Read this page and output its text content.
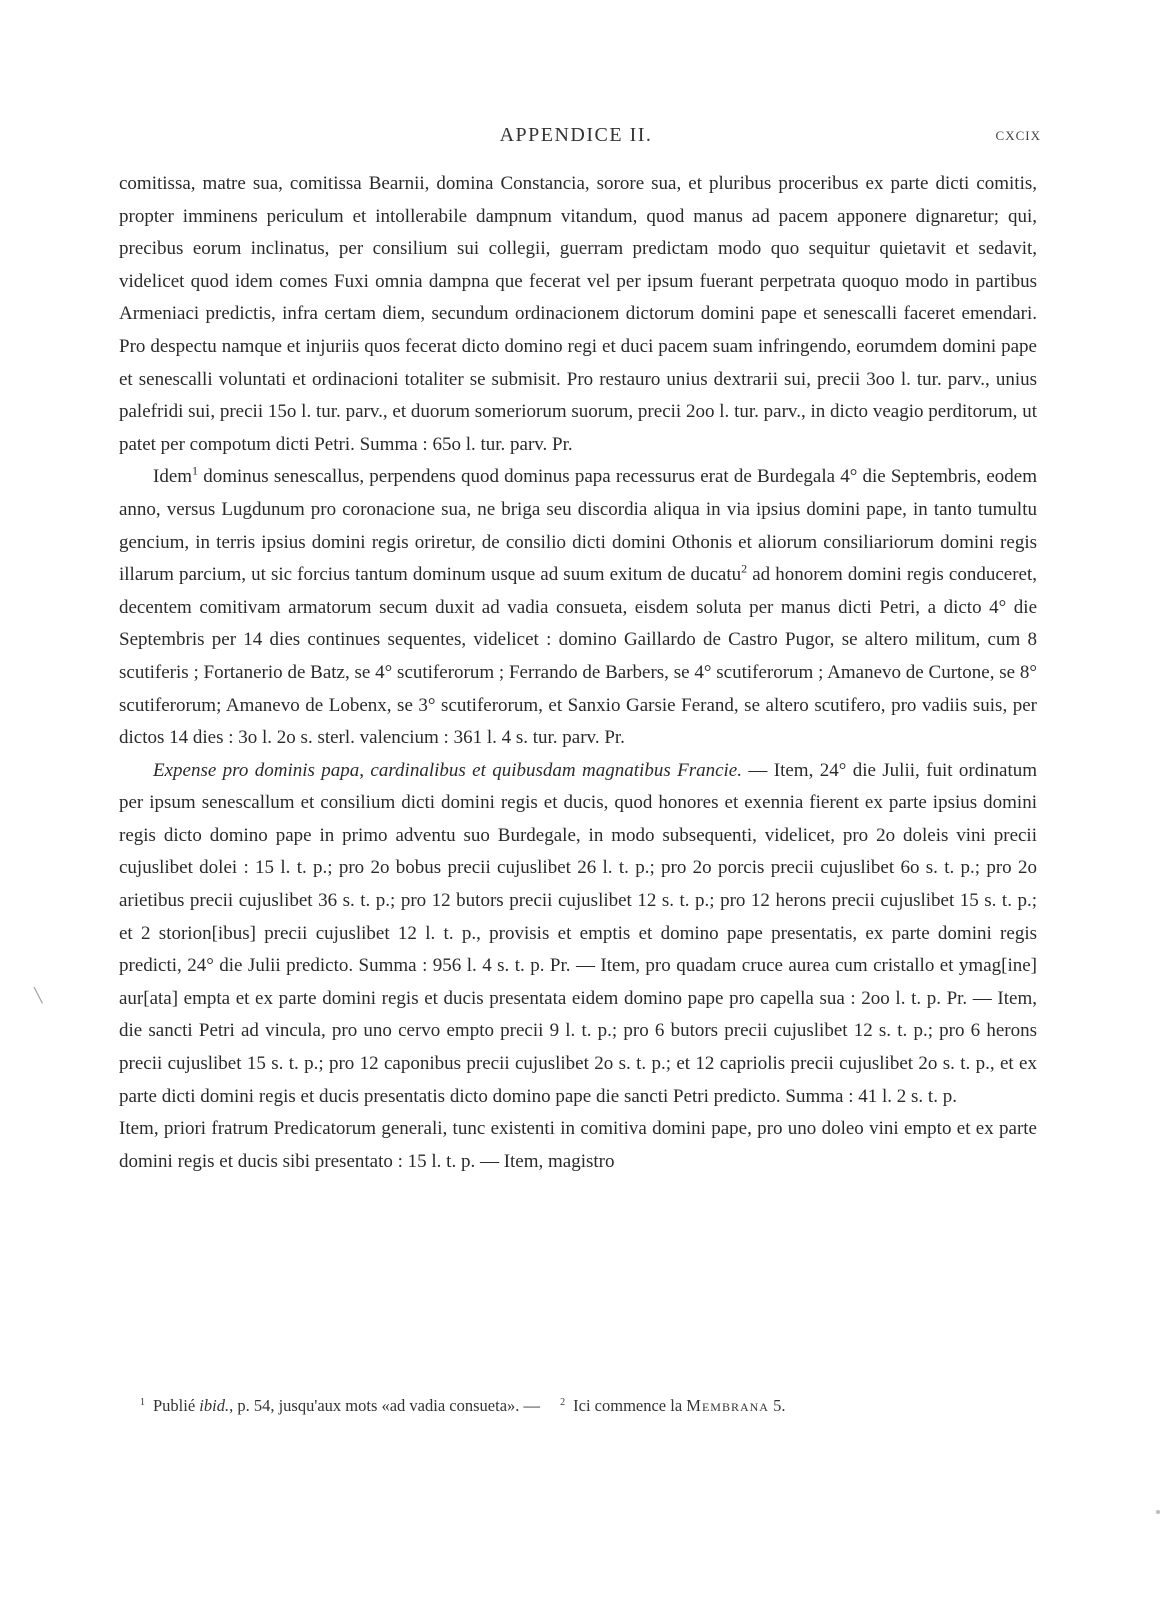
APPENDICE II.	CXCIX

comitissa, matre sua, comitissa Bearnii, domina Constancia, sorore sua, et pluribus proceribus ex parte dicti comitis, propter imminens periculum et intollerabile dampnum vitandum, quod manus ad pacem apponere dignaretur; qui, precibus eorum inclinatus, per consilium sui collegii, guerram predictam modo quo sequitur quietavit et sedavit, videlicet quod idem comes Fuxi omnia dampna que fecerat vel per ipsum fuerant perpetrata quoquo modo in partibus Armeniaci predictis, infra certam diem, secundum ordinacionem dictorum domini pape et senescalli faceret emendari. Pro despectu namque et injuriis quos fecerat dicto domino regi et duci pacem suam infringendo, eorumdem domini pape et senescalli voluntati et ordinacioni totaliter se submisit. Pro restauro unius dextrarii sui, precii 3oo l. tur. parv., unius palefridi sui, precii 15o l. tur. parv., et duorum someriorum suorum, precii 2oo l. tur. parv., in dicto veagio perditorum, ut patet per compotum dicti Petri. Summa : 65o l. tur. parv. Pr.

Idem$^1$ dominus senescallus, perpendens quod dominus papa recessurus erat de Burdegala 4° die Septembris, eodem anno, versus Lugdunum pro coronacione sua, ne briga seu discordia aliqua in via ipsius domini pape, in tanto tumultu gencium, in terris ipsius domini regis oriretur, de consilio dicti domini Othonis et aliorum consiliariorum domini regis illarum parcium, ut sic forcius tantum dominum usque ad suum exitum de ducatu$^2$ ad honorem domini regis conduceret, decentem comitivam armatorum secum duxit ad vadia consueta, eisdem soluta per manus dicti Petri, a dicto 4° die Septembris per 14 dies continues sequentes, videlicet : domino Gaillardo de Castro Pugor, se altero militum, cum 8 scutiferis ; Fortanerio de Batz, se 4° scutiferorum ; Ferrando de Barbers, se 4° scutiferorum ; Amanevo de Curtone, se 8° scutiferorum; Amanevo de Lobenx, se 3° scutiferorum, et Sanxio Garsie Ferand, se altero scutifero, pro vadiis suis, per dictos 14 dies : 3o l. 2o s. sterl. valencium : 361 l. 4 s. tur. parv. Pr.

Expense pro dominis papa, cardinalibus et quibusdam magnatibus Francie. — Item, 24° die Julii, fuit ordinatum per ipsum senescallum et consilium dicti domini regis et ducis, quod honores et exennia fierent ex parte ipsius domini regis dicto domino pape in primo adventu suo Burdegale, in modo subsequenti, videlicet, pro 2o doleis vini precii cujuslibet dolei : 15 l. t. p.; pro 2o bobus precii cujuslibet 26 l. t. p.; pro 2o porcis precii cujuslibet 6o s. t. p.; pro 2o arietibus precii cujuslibet 36 s. t. p.; pro 12 butors precii cujuslibet 12 s. t. p.; pro 12 herons precii cujuslibet 15 s. t. p.; et 2 storion[ibus] precii cujuslibet 12 l. t. p., provisis et emptis et domino pape presentatis, ex parte domini regis predicti, 24° die Julii predicto. Summa : 956 l. 4 s. t. p. Pr. — Item, pro quadam cruce aurea cum cristallo et ymag[ine] aur[ata] empta et ex parte domini regis et ducis presentata eidem domino pape pro capella sua : 2oo l. t. p. Pr. — Item, die sancti Petri ad vincula, pro uno cervo empto precii 9 l. t. p.; pro 6 butors precii cujuslibet 12 s. t. p.; pro 6 herons precii cujuslibet 15 s. t. p.; pro 12 caponibus precii cujuslibet 2o s. t. p.; et 12 capriolis precii cujuslibet 2o s. t. p., et ex parte dicti domini regis et ducis presentatis dicto domino pape die sancti Petri predicto. Summa : 41 l. 2 s. t. p.

Item, priori fratrum Predicatorum generali, tunc existenti in comitiva domini pape, pro uno doleo vini empto et ex parte domini regis et ducis sibi presentato : 15 l. t. p. — Item, magistro

$^1$ Publié ibid., p. 54, jusqu'aux mots «ad vadia consueta». — $^2$ Ici commence la Membrana 5.
╲
